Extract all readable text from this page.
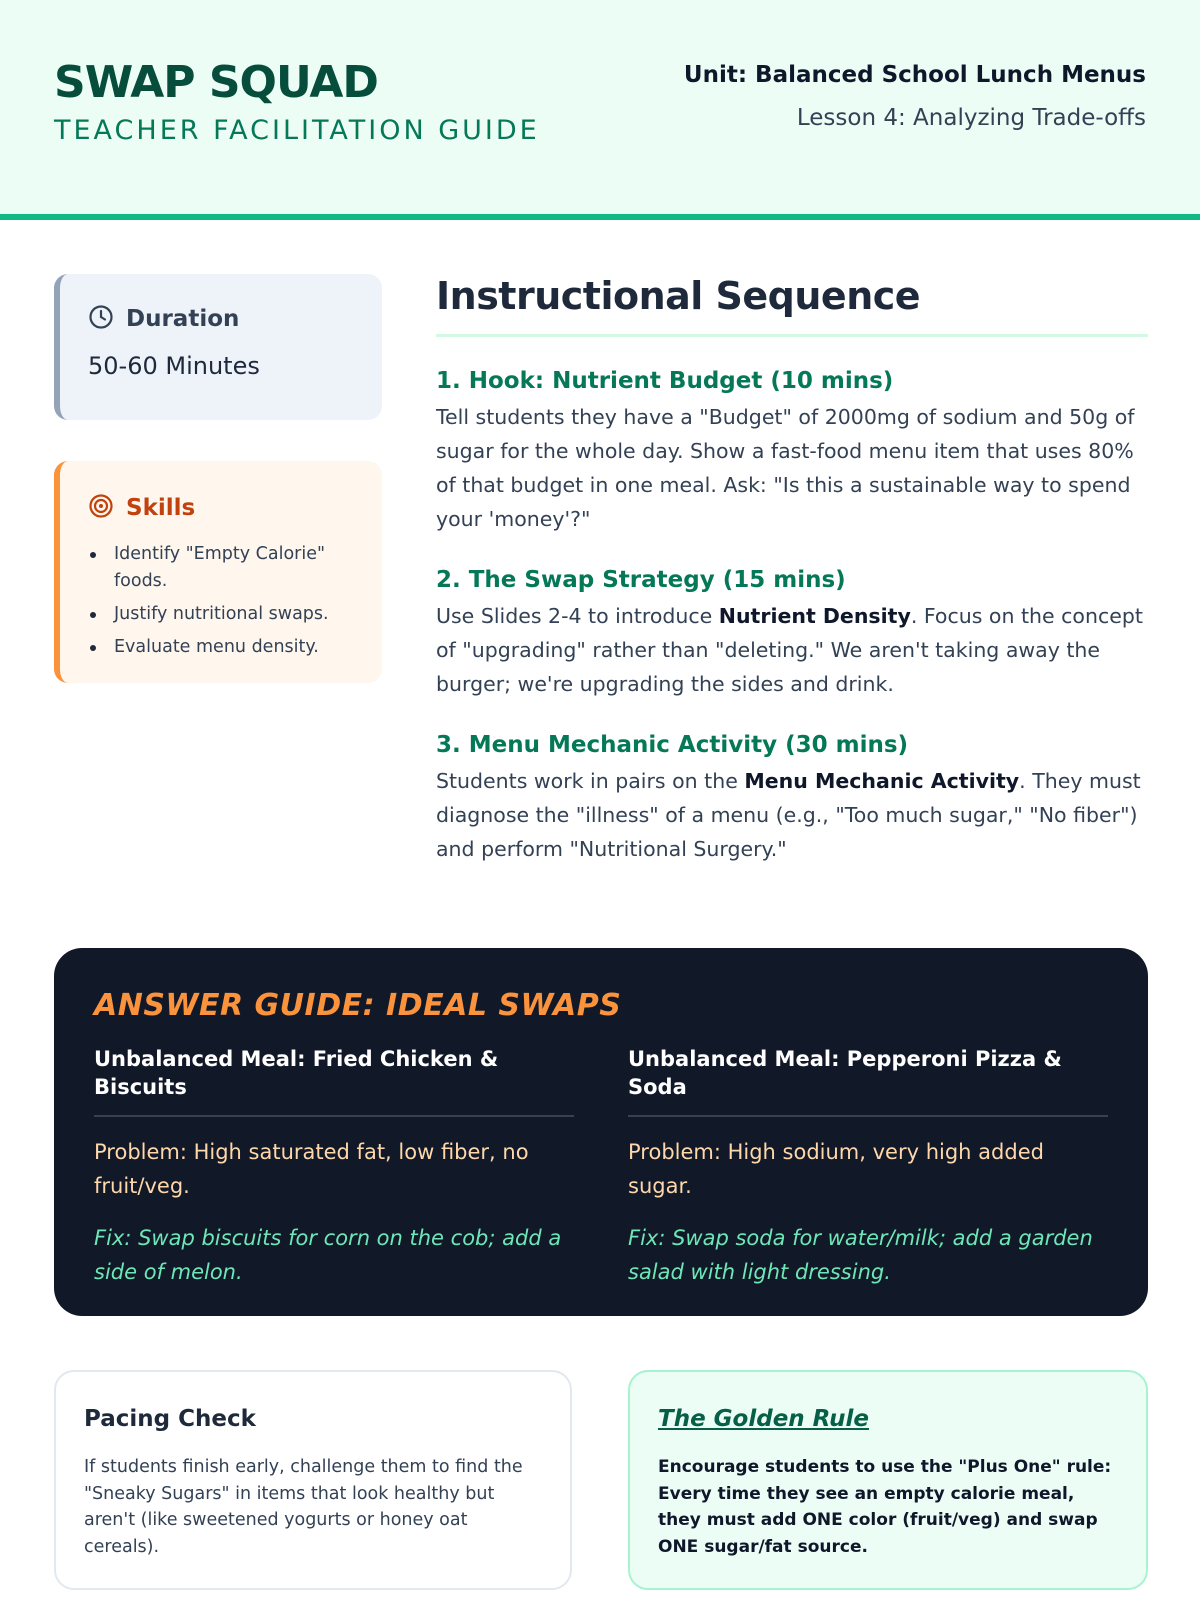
SWAP SQUAD
TEACHER FACILITATION GUIDE
Unit: Balanced School Lunch Menus
Lesson 4: Analyzing Trade-offs
Duration
50-60 Minutes
Skills
Identify "Empty Calorie" foods.
Justify nutritional swaps.
Evaluate menu density.
Instructional Sequence
1. Hook: Nutrient Budget (10 mins)
Tell students they have a "Budget" of 2000mg of sodium and 50g of sugar for the whole day. Show a fast-food menu item that uses 80% of that budget in one meal. Ask: "Is this a sustainable way to spend your 'money'?"
2. The Swap Strategy (15 mins)
Use Slides 2-4 to introduce Nutrient Density. Focus on the concept of "upgrading" rather than "deleting." We aren't taking away the burger; we're upgrading the sides and drink.
3. Menu Mechanic Activity (30 mins)
Students work in pairs on the Menu Mechanic Activity. They must diagnose the "illness" of a menu (e.g., "Too much sugar," "No fiber") and perform "Nutritional Surgery."
ANSWER GUIDE: IDEAL SWAPS
Unbalanced Meal: Fried Chicken & Biscuits
Problem: High saturated fat, low fiber, no fruit/veg.
Fix: Swap biscuits for corn on the cob; add a side of melon.
Unbalanced Meal: Pepperoni Pizza & Soda
Problem: High sodium, very high added sugar.
Fix: Swap soda for water/milk; add a garden salad with light dressing.
Pacing Check
If students finish early, challenge them to find the "Sneaky Sugars" in items that look healthy but aren't (like sweetened yogurts or honey oat cereals).
The Golden Rule
Encourage students to use the "Plus One" rule: Every time they see an empty calorie meal, they must add ONE color (fruit/veg) and swap ONE sugar/fat source.
